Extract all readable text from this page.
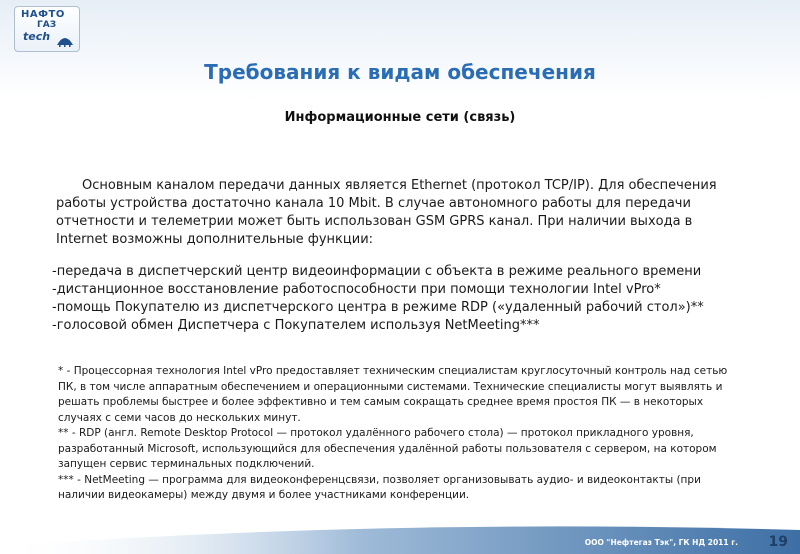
НАФТО
ГАЗ
tech
Требования к видам обеспечения
Информационные сети (связь)
Основным каналом передачи данных является Ethernet (протокол TCP/IP). Для обеспечения работы устройства достаточно канала 10 Mbit. В случае автономного работы для передачи отчетности и телеметрии может быть использован GSM GPRS канал. При наличии выхода в Internet возможны дополнительные функции:
-передача в диспетчерский центр видеоинформации с объекта в режиме реального времени
-дистанционное восстановление работоспособности при помощи технологии Intel vPro*
-помощь Покупателю из диспетчерского центра в режиме RDP («удаленный рабочий стол»)**
-голосовой обмен Диспетчера с Покупателем используя NetMeeting***

* - Процессорная технология Intel vPro предоставляет техническим специалистам круглосуточный контроль над сетью ПК, в том числе аппаратным обеспечением и операционными системами. Технические специалисты могут выявлять и решать проблемы быстрее и более эффективно и тем самым сокращать среднее время простоя ПК — в некоторых случаях с семи часов до нескольких минут.

** - RDP (англ. Remote Desktop Protocol — протокол удалённого рабочего стола) — протокол прикладного уровня, разработанный Microsoft, использующийся для обеспечения удалённой работы пользователя с сервером, на котором запущен сервис терминальных подключений.

*** - NetMeeting — программа для видеоконференцсвязи, позволяет организовывать аудио- и видеоконтакты (при наличии видеокамеры) между двумя и более участниками конференции.

ООО "Нефтегаз Тэк", ГК НД 2011 г. 19
